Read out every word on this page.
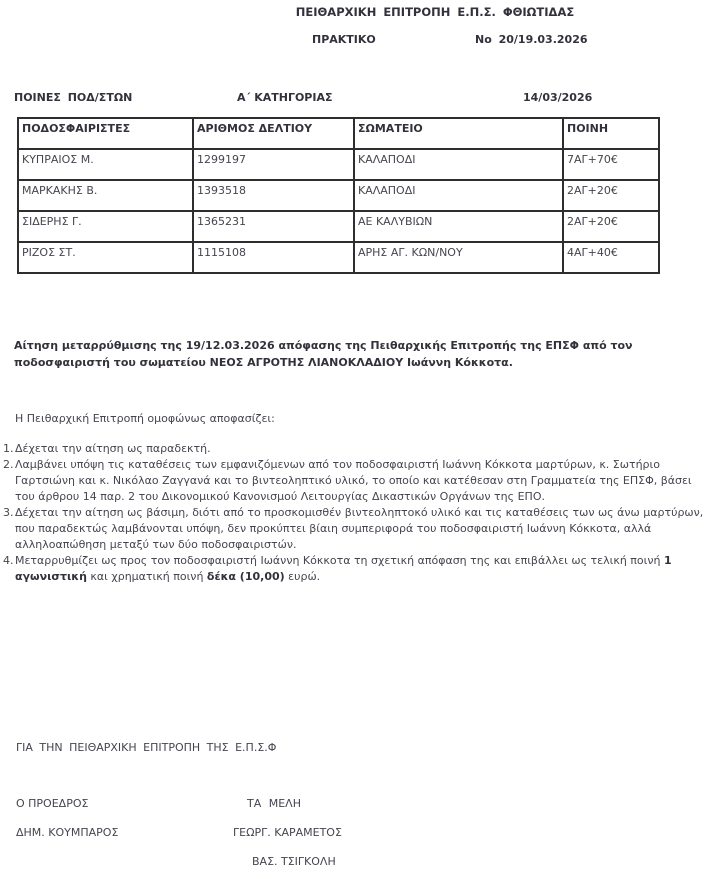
ΠΕΙΘΑΡΧΙΚΗ ΕΠΙΤΡΟΠΗ Ε.Π.Σ. ΦΘΙΩΤΙΔΑΣ
ΠΡΑΚΤΙΚΟ	Νο 20/19.03.2026
ΠΟΙΝΕΣ ΠΟΔ/ΣΤΩΝ	Α΄ ΚΑΤΗΓΟΡΙΑΣ	14/03/2026
ΠΟΔΟΣΦΑΙΡΙΣΤΕΣ	ΑΡΙΘΜΟΣ ΔΕΛΤΙΟΥ	ΣΩΜΑΤΕΙΟ	ΠΟΙΝΗ
ΚΥΠΡΑΙΟΣ Μ.	1299197	ΚΑΛΑΠΟΔΙ	7ΑΓ+70€
ΜΑΡΚΑΚΗΣ Β.	1393518	ΚΑΛΑΠΟΔΙ	2ΑΓ+20€
ΣΙΔΕΡΗΣ Γ.	1365231	ΑΕ ΚΑΛΥΒΙΩΝ	2ΑΓ+20€
ΡΙΖΟΣ ΣΤ.	1115108	ΑΡΗΣ ΑΓ. ΚΩΝ/ΝΟΥ	4ΑΓ+40€
Αίτηση μεταρρύθμισης της 19/12.03.2026 απόφασης της Πειθαρχικής Επιτροπής της ΕΠΣΦ από τον ποδοσφαιριστή του σωματείου ΝΕΟΣ ΑΓΡΟΤΗΣ ΛΙΑΝΟΚΛΑΔΙΟΥ Ιωάννη Κόκκοτα.
Η Πειθαρχική Επιτροπή ομοφώνως αποφασίζει:
1. Δέχεται την αίτηση ως παραδεκτή.
2. Λαμβάνει υπόψη τις καταθέσεις των εμφανιζόμενων από τον ποδοσφαιριστή Ιωάννη Κόκκοτα μαρτύρων, κ. Σωτήριο Γαρτσιώνη και κ. Νικόλαο Ζαγγανά και το βιντεοληπτικό υλικό, το οποίο και κατέθεσαν στη Γραμματεία της ΕΠΣΦ, βάσει του άρθρου 14 παρ. 2 του Δικονομικού Κανονισμού Λειτουργίας Δικαστικών Οργάνων της ΕΠΟ.
3. Δέχεται την αίτηση ως βάσιμη, διότι από το προσκομισθέν βιντεοληπτοκό υλικό και τις καταθέσεις των ως άνω μαρτύρων, που παραδεκτώς λαμβάνονται υπόψη, δεν προκύπτει βίαιη συμπεριφορά του ποδοσφαιριστή Ιωάννη Κόκκοτα, αλλά αλληλοαπώθηση μεταξύ των δύο ποδοσφαιριστών.
4. Μεταρρυθμίζει ως προς τον ποδοσφαιριστή Ιωάννη Κόκκοτα τη σχετική απόφαση της και επιβάλλει ως τελική ποινή 1 αγωνιστική και χρηματική ποινή δέκα (10,00) ευρώ.
ΓΙΑ ΤΗΝ ΠΕΙΘΑΡΧΙΚΗ ΕΠΙΤΡΟΠΗ ΤΗΣ Ε.Π.Σ.Φ
Ο ΠΡΟΕΔΡΟΣ	ΤΑ ΜΕΛΗ
ΔΗΜ. ΚΟΥΜΠΑΡΟΣ	ΓΕΩΡΓ. ΚΑΡΑΜΕΤΟΣ
ΒΑΣ. ΤΣΙΓΚΟΛΗ
